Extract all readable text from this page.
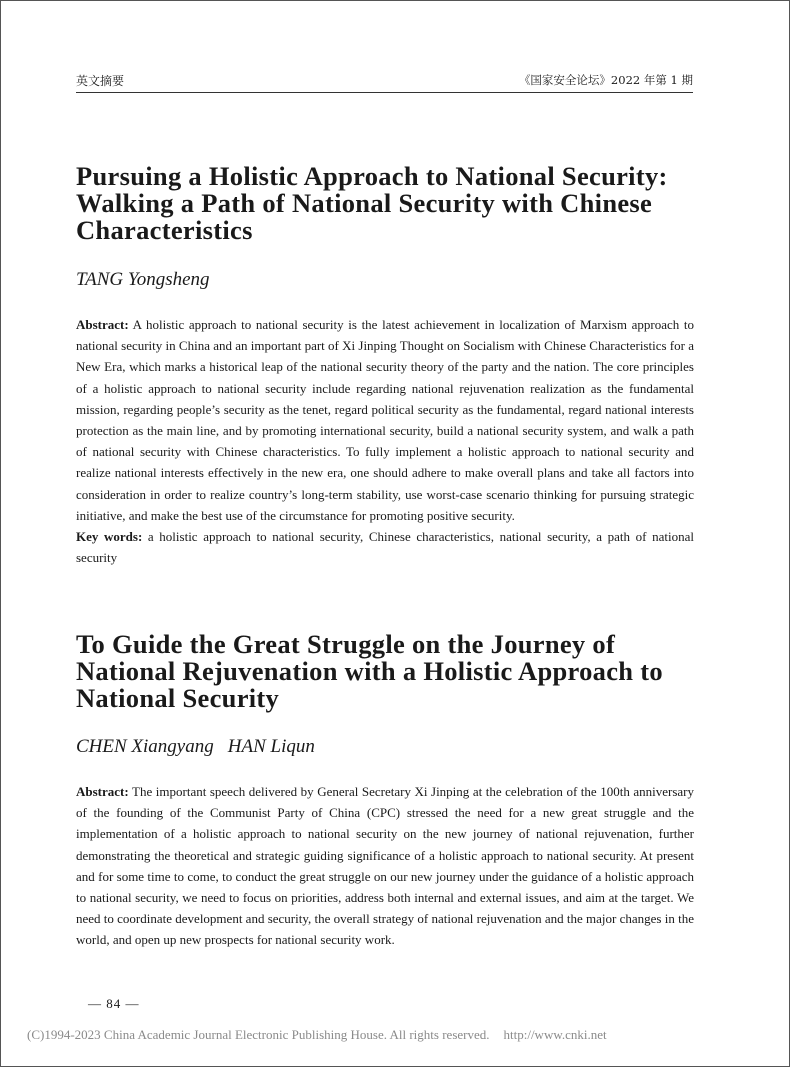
英文摘要	《国家安全论坛》2022 年第 1 期
Pursuing a Holistic Approach to National Security:
Walking a Path of National Security with Chinese
Characteristics
TANG Yongsheng
Abstract: A holistic approach to national security is the latest achievement in localization of Marxism approach to national security in China and an important part of Xi Jinping Thought on Socialism with Chinese Characteristics for a New Era, which marks a historical leap of the national security theory of the party and the nation. The core principles of a holistic approach to national security include regarding national rejuvenation realization as the fundamental mission, regarding people’s security as the tenet, regard political security as the fundamental, regard national interests protection as the main line, and by promoting international security, build a national security system, and walk a path of national security with Chinese characteristics. To fully implement a holistic approach to national security and realize national interests effectively in the new era, one should adhere to make overall plans and take all factors into consideration in order to realize country’s long-term stability, use worst-case scenario thinking for pursuing strategic initiative, and make the best use of the circumstance for promoting positive security.
Key words: a holistic approach to national security, Chinese characteristics, national security, a path of national security
To Guide the Great Struggle on the Journey of
National Rejuvenation with a Holistic Approach to
National Security
CHEN Xiangyang HAN Liqun
Abstract: The important speech delivered by General Secretary Xi Jinping at the celebration of the 100th anniversary of the founding of the Communist Party of China (CPC) stressed the need for a new great struggle and the implementation of a holistic approach to national security on the new journey of national rejuvenation, further demonstrating the theoretical and strategic guiding significance of a holistic approach to national security. At present and for some time to come, to conduct the great struggle on our new journey under the guidance of a holistic approach to national security, we need to focus on priorities, address both internal and external issues, and aim at the target. We need to coordinate development and security, the overall strategy of national rejuvenation and the major changes in the world, and open up new prospects for national security work.
— 84 —
(C)1994-2023 China Academic Journal Electronic Publishing House. All rights reserved. http://www.cnki.net
